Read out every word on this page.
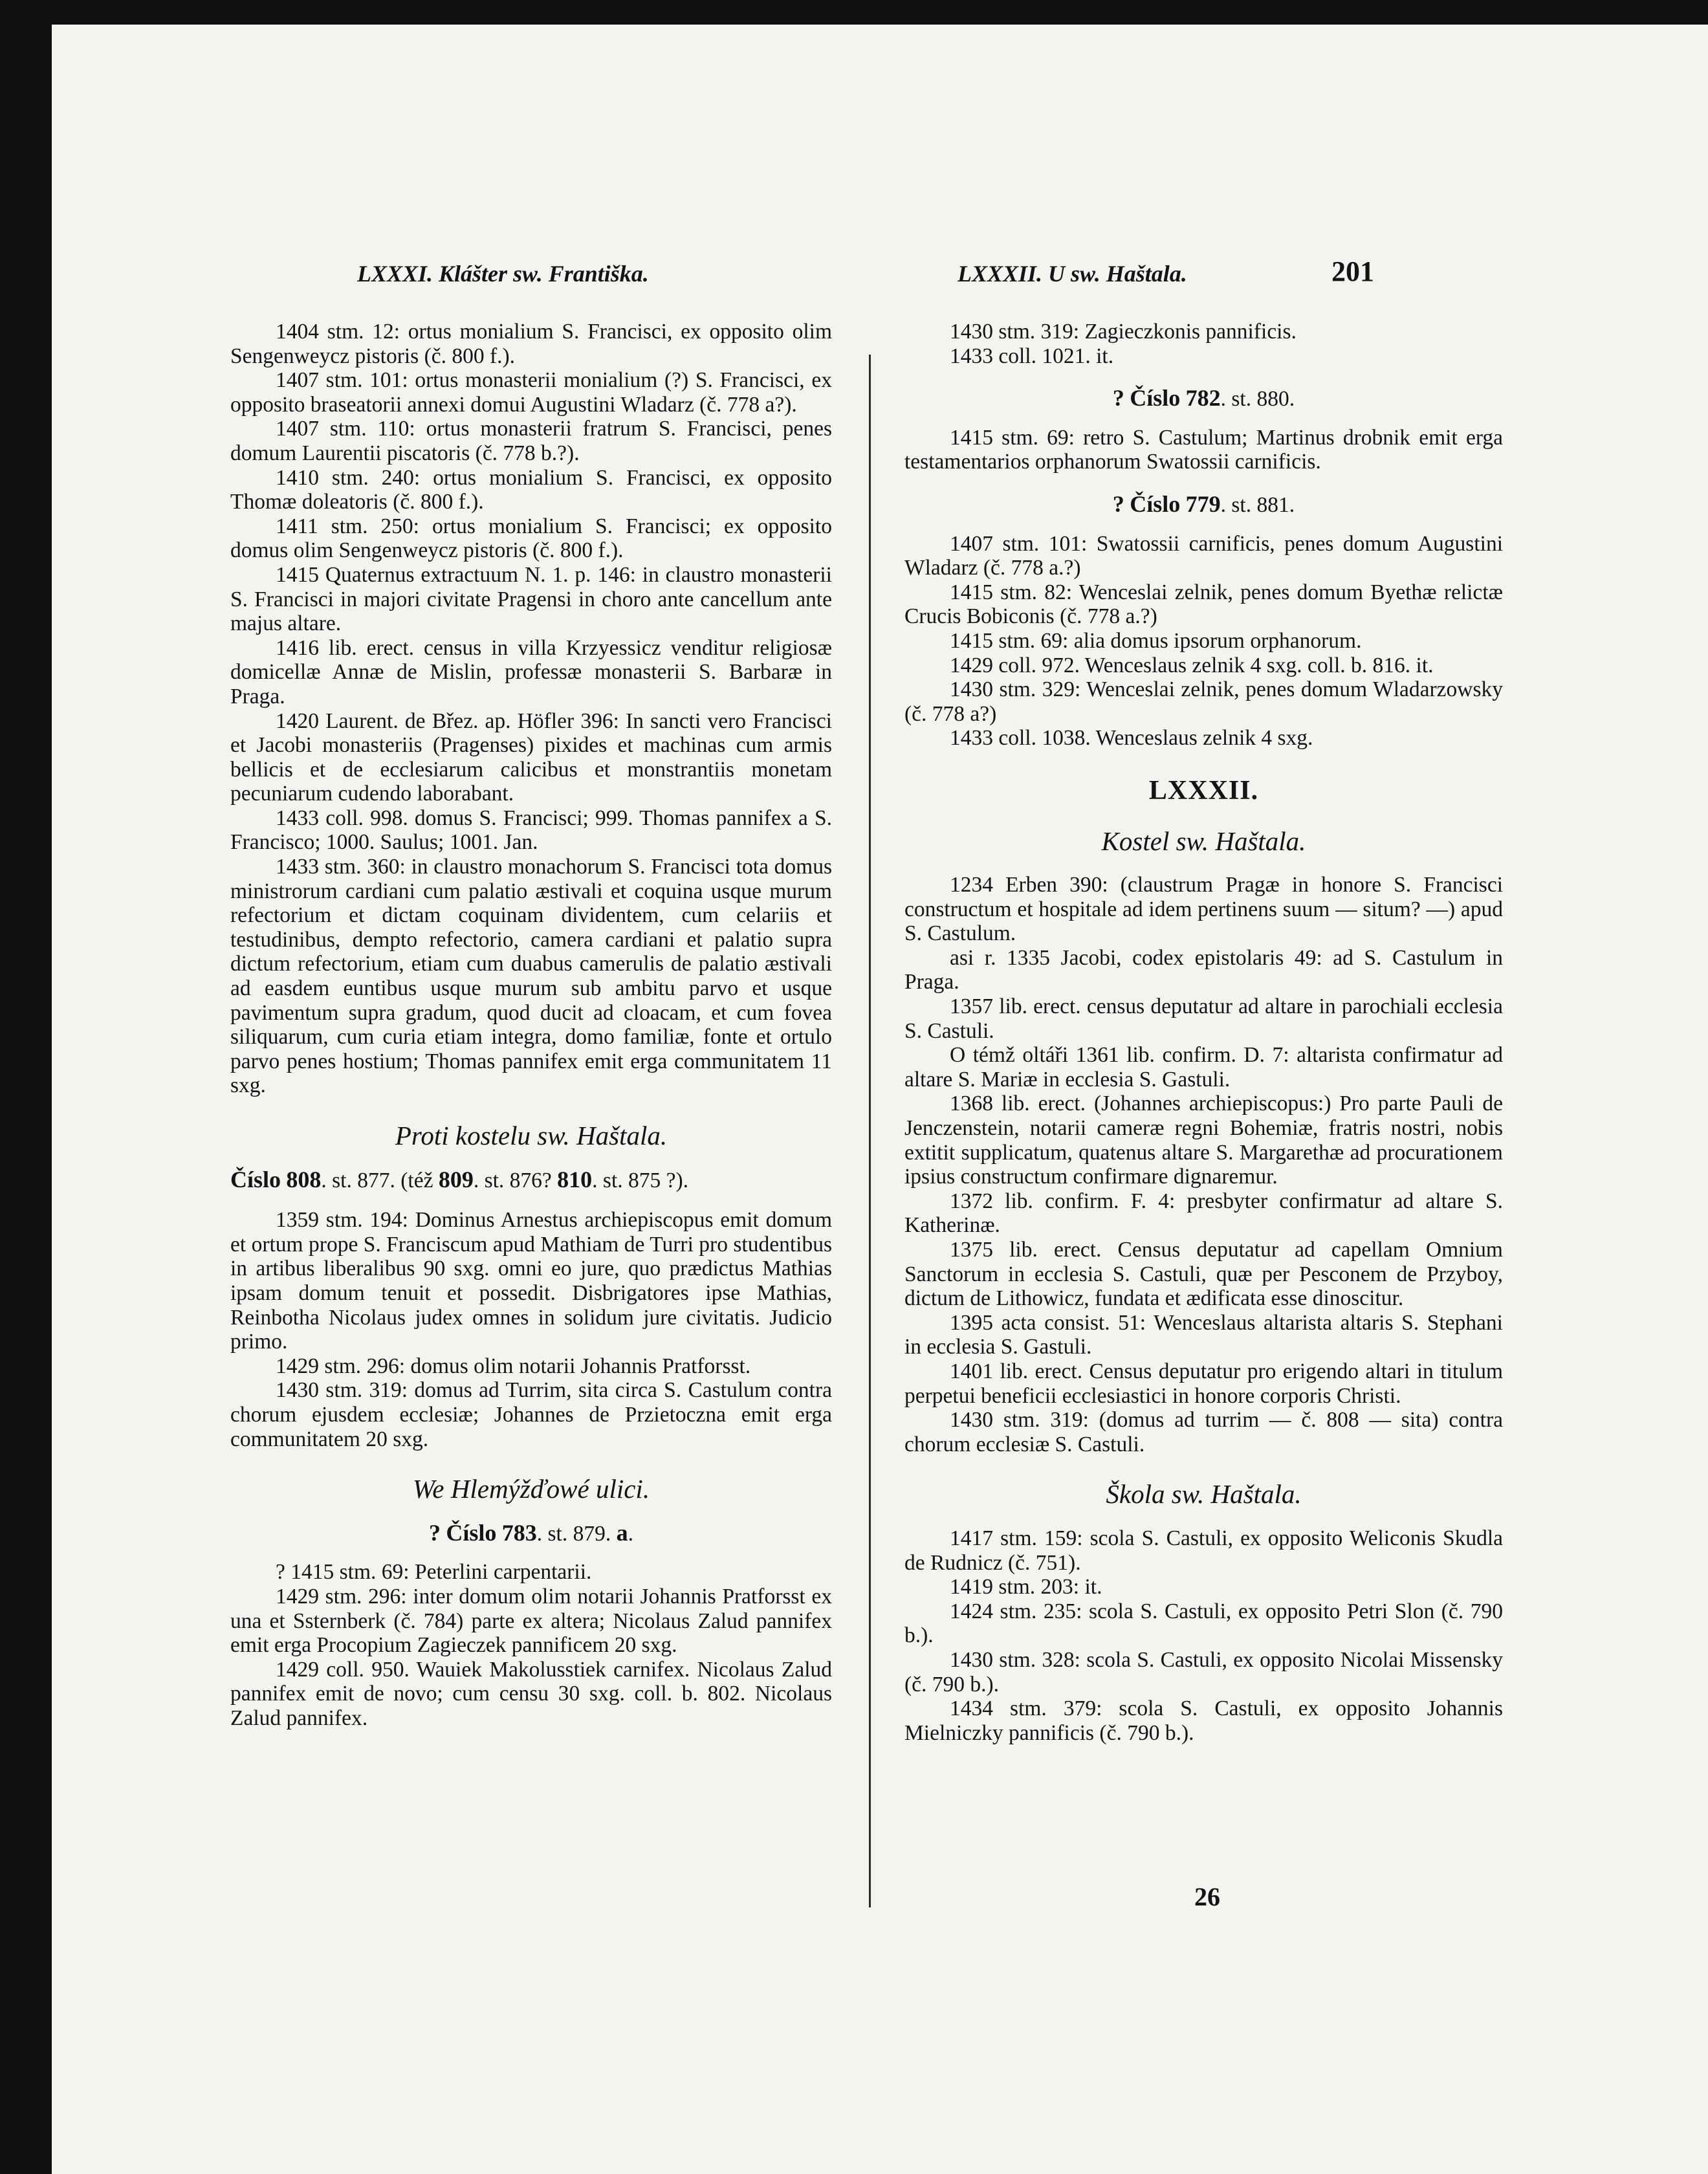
LXXXI. Klášter sw. Františka.	LXXXII. U sw. Haštala.	201

1404 stm. 12: ortus monialium S. Francisci, ex opposito olim Sengenweycz pistoris (č. 800 f.).

1407 stm. 101: ortus monasterii monialium (?) S. Francisci, ex opposito braseatorii annexi domui Augustini Wladarz (č. 778 a?).

1407 stm. 110: ortus monasterii fratrum S. Francisci, penes domum Laurentii piscatoris (č. 778 b.?).

1410 stm. 240: ortus monialium S. Francisci, ex opposito Thomæ doleatoris (č. 800 f.).

1411 stm. 250: ortus monialium S. Francisci; ex opposito domus olim Sengenweycz pistoris (č. 800 f.).

1415 Quaternus extractuum N. 1. p. 146: in claustro monasterii S. Francisci in majori civitate Pragensi in choro ante cancellum ante majus altare.

1416 lib. erect. census in villa Krzyessicz venditur religiosæ domicellæ Annæ de Mislin, professæ monasterii S. Barbaræ in Praga.

1420 Laurent. de Břez. ap. Höfler 396: In sancti vero Francisci et Jacobi monasteriis (Pragenses) pixides et machinas cum armis bellicis et de ecclesiarum calicibus et monstrantiis monetam pecuniarum cudendo laborabant.

1433 coll. 998. domus S. Francisci; 999. Thomas pannifex a S. Francisco; 1000. Saulus; 1001. Jan.

1433 stm. 360: in claustro monachorum S. Francisci tota domus ministrorum cardiani cum palatio æstivali et coquina usque murum refectorium et dictam coquinam dividentem, cum celariis et testudinibus, dempto refectorio, camera cardiani et palatio supra dictum refectorium, etiam cum duabus camerulis de palatio æstivali ad easdem euntibus usque murum sub ambitu parvo et usque pavimentum supra gradum, quod ducit ad cloacam, et cum fovea siliquarum, cum curia etiam integra, domo familiæ, fonte et ortulo parvo penes hostium; Thomas pannifex emit erga communitatem 11 sxg.

Proti kostelu sw. Haštala.
Číslo 808. st. 877. (též 809. st. 876? 810. st. 875 ?).

1359 stm. 194: Dominus Arnestus archiepiscopus emit domum et ortum prope S. Franciscum apud Mathiam de Turri pro studentibus in artibus liberalibus 90 sxg. omni eo jure, quo prædictus Mathias ipsam domum tenuit et possedit. Disbrigatores ipse Mathias, Reinbotha Nicolaus judex omnes in solidum jure civitatis. Judicio primo.

1429 stm. 296: domus olim notarii Johannis Pratforsst.

1430 stm. 319: domus ad Turrim, sita circa S. Castulum contra chorum ejusdem ecclesiæ; Johannes de Przietoczna emit erga communitatem 20 sxg.

We Hlemýžďowé ulici.
? Číslo 783. st. 879. a.

? 1415 stm. 69: Peterlini carpentarii.

1429 stm. 296: inter domum olim notarii Johannis Pratforsst ex una et Ssternberk (č. 784) parte ex altera; Nicolaus Zalud pannifex emit erga Procopium Zagieczek pannificem 20 sxg.

1429 coll. 950. Wauiek Makolusstiek carnifex. Nicolaus Zalud pannifex emit de novo; cum censu 30 sxg. coll. b. 802. Nicolaus Zalud pannifex.

1430 stm. 319: Zagieczkonis pannificis.

1433 coll. 1021. it.

? Číslo 782. st. 880.

1415 stm. 69: retro S. Castulum; Martinus drobnik emit erga testamentarios orphanorum Swatossii carnificis.

? Číslo 779. st. 881.

1407 stm. 101: Swatossii carnificis, penes domum Augustini Wladarz (č. 778 a.?)

1415 stm. 82: Wenceslai zelnik, penes domum Byethæ relictæ Crucis Bobiconis (č. 778 a.?)

1415 stm. 69: alia domus ipsorum orphanorum.

1429 coll. 972. Wenceslaus zelnik 4 sxg. coll. b. 816. it.

1430 stm. 329: Wenceslai zelnik, penes domum Wladarzowsky (č. 778 a?)

1433 coll. 1038. Wenceslaus zelnik 4 sxg.

LXXXII.
Kostel sw. Haštala.

1234 Erben 390: (claustrum Pragæ in honore S. Francisci constructum et hospitale ad idem pertinens suum — situm? —) apud S. Castulum.

asi r. 1335 Jacobi, codex epistolaris 49: ad S. Castulum in Praga.

1357 lib. erect. census deputatur ad altare in parochiali ecclesia S. Castuli.

O témž oltáři 1361 lib. confirm. D. 7: altarista confirmatur ad altare S. Mariæ in ecclesia S. Gastuli.

1368 lib. erect. (Johannes archiepiscopus:) Pro parte Pauli de Jenczenstein, notarii cameræ regni Bohemiæ, fratris nostri, nobis extitit supplicatum, quatenus altare S. Margarethæ ad procurationem ipsius constructum confirmare dignaremur.

1372 lib. confirm. F. 4: presbyter confirmatur ad altare S. Katherinæ.

1375 lib. erect. Census deputatur ad capellam Omnium Sanctorum in ecclesia S. Castuli, quæ per Pesconem de Przyboy, dictum de Lithowicz, fundata et ædificata esse dinoscitur.

1395 acta consist. 51: Wenceslaus altarista altaris S. Stephani in ecclesia S. Gastuli.

1401 lib. erect. Census deputatur pro erigendo altari in titulum perpetui beneficii ecclesiastici in honore corporis Christi.

1430 stm. 319: (domus ad turrim — č. 808 — sita) contra chorum ecclesiæ S. Castuli.

Škola sw. Haštala.

1417 stm. 159: scola S. Castuli, ex opposito Weliconis Skudla de Rudnicz (č. 751).

1419 stm. 203: it.

1424 stm. 235: scola S. Castuli, ex opposito Petri Slon (č. 790 b.).

1430 stm. 328: scola S. Castuli, ex opposito Nicolai Missensky (č. 790 b.).

1434 stm. 379: scola S. Castuli, ex opposito Johannis Mielniczky pannificis (č. 790 b.).

26
